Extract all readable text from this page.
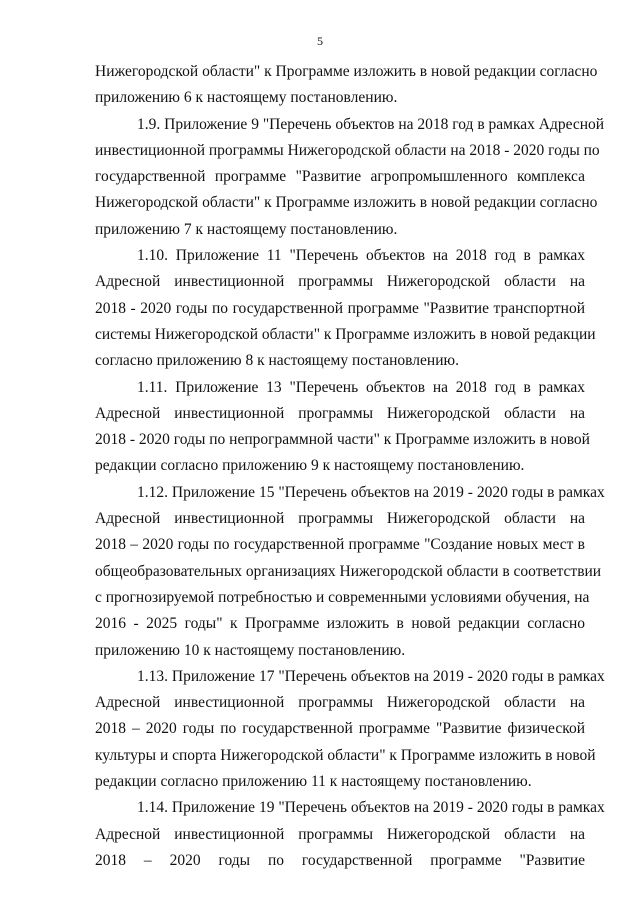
5
Нижегородской области" к Программе изложить в новой редакции согласно
приложению 6 к настоящему постановлению.
1.9. Приложение 9 "Перечень объектов на 2018 год в рамках Адресной
инвестиционной программы Нижегородской области на 2018 - 2020 годы по
государственной программе "Развитие агропромышленного комплекса
Нижегородской области" к Программе изложить в новой редакции согласно
приложению 7 к настоящему постановлению.
1.10. Приложение 11 "Перечень объектов на 2018 год в рамках
Адресной инвестиционной программы Нижегородской области на
2018 - 2020 годы по государственной программе "Развитие транспортной
системы Нижегородской области" к Программе изложить в новой редакции
согласно приложению 8 к настоящему постановлению.
1.11. Приложение 13 "Перечень объектов на 2018 год в рамках
Адресной инвестиционной программы Нижегородской области на
2018 - 2020 годы по непрограммной части" к Программе изложить в новой
редакции согласно приложению 9 к настоящему постановлению.
1.12. Приложение 15 "Перечень объектов на 2019 - 2020 годы в рамках
Адресной инвестиционной программы Нижегородской области на
2018 – 2020 годы по государственной программе "Создание новых мест в
общеобразовательных организациях Нижегородской области в соответствии
с прогнозируемой потребностью и современными условиями обучения, на
2016 - 2025 годы" к Программе изложить в новой редакции согласно
приложению 10 к настоящему постановлению.
1.13. Приложение 17 "Перечень объектов на 2019 - 2020 годы в рамках
Адресной инвестиционной программы Нижегородской области на
2018 – 2020 годы по государственной программе "Развитие физической
культуры и спорта Нижегородской области" к Программе изложить в новой
редакции согласно приложению 11 к настоящему постановлению.
1.14. Приложение 19 "Перечень объектов на 2019 - 2020 годы в рамках
Адресной инвестиционной программы Нижегородской области на
2018 – 2020 годы по государственной программе "Развитие
